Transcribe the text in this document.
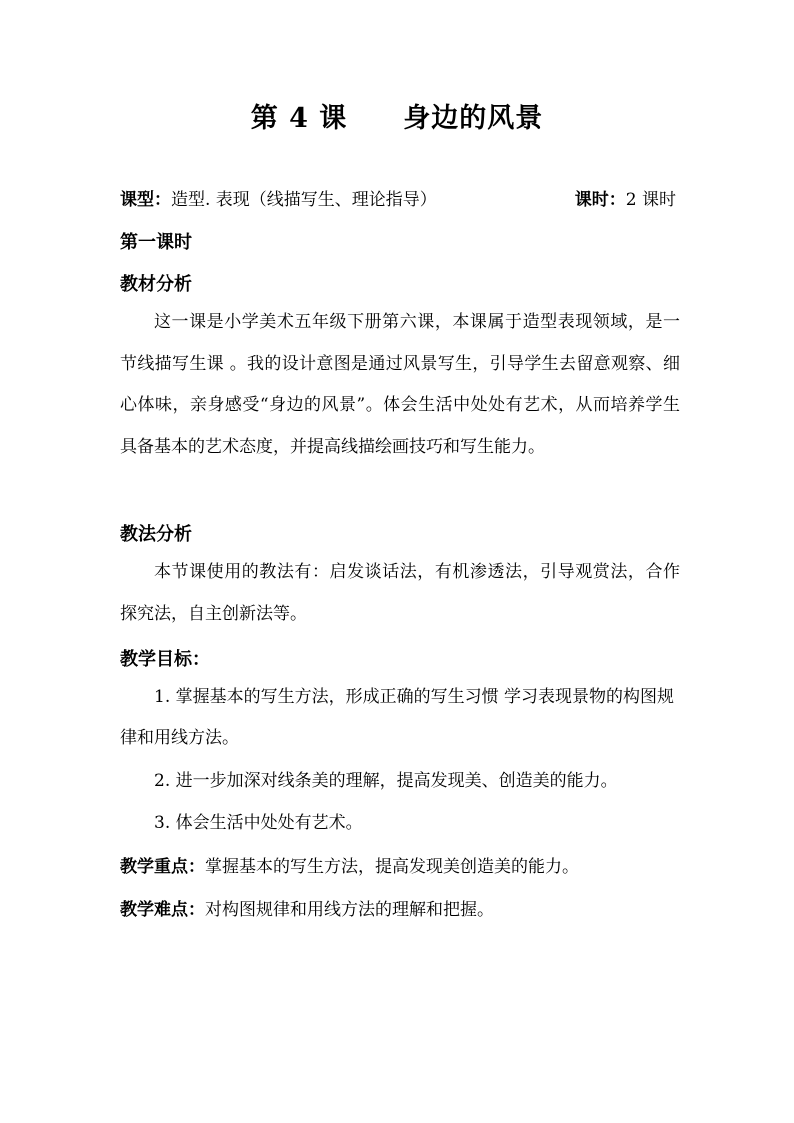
第 4 课 身边的风景
课型：造型. 表现（线描写生、理论指导）	课时：2 课时
第一课时
教材分析
这一课是小学美术五年级下册第六课，本课属于造型表现领域，是一节线描写生课 。我的设计意图是通过风景写生，引导学生去留意观察、细心体味，亲身感受“身边的风景”。体会生活中处处有艺术，从而培养学生具备基本的艺术态度，并提高线描绘画技巧和写生能力。
教法分析
本节课使用的教法有：启发谈话法，有机渗透法，引导观赏法，合作探究法，自主创新法等。
教学目标：
1. 掌握基本的写生方法，形成正确的写生习惯 学习表现景物的构图规律和用线方法。
2. 进一步加深对线条美的理解，提高发现美、创造美的能力。
3. 体会生活中处处有艺术。
教学重点：掌握基本的写生方法，提高发现美创造美的能力。
教学难点：对构图规律和用线方法的理解和把握。
